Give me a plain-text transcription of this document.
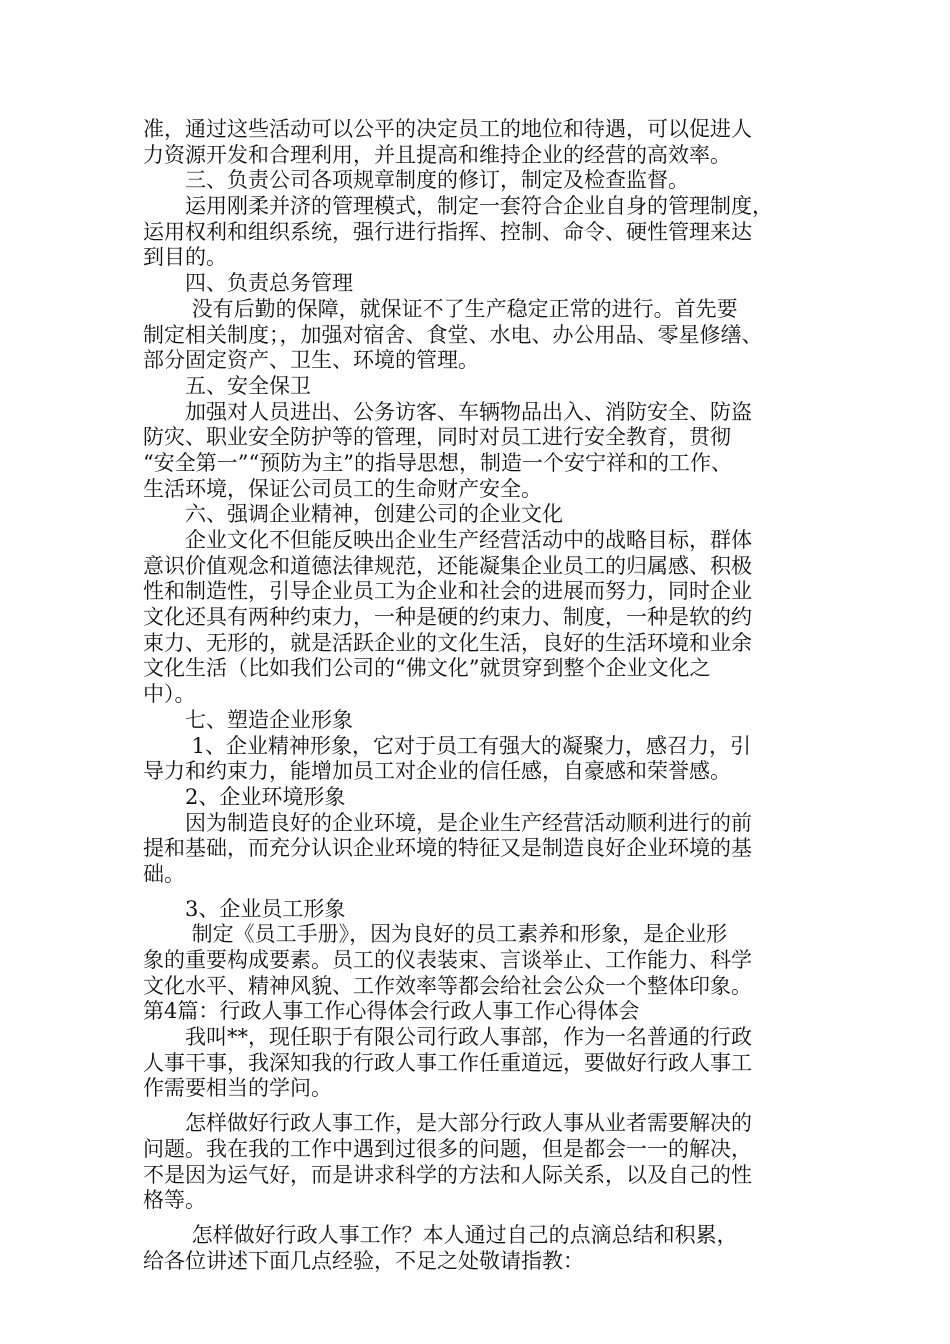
准，通过这些活动可以公平的决定员工的地位和待遇，可以促进人
力资源开发和合理利用，并且提高和维持企业的经营的高效率。
　　三、负责公司各项规章制度的修订，制定及检查监督。
　　运用刚柔并济的管理模式，制定一套符合企业自身的管理制度，
运用权利和组织系统，强行进行指挥、控制、命令、硬性管理来达
到目的。
　　四、负责总务管理
　　 没有后勤的保障，就保证不了生产稳定正常的进行。首先要
制定相关制度；，加强对宿舍、食堂、水电、办公用品、零星修缮、
部分固定资产、卫生、环境的管理。
　　五、安全保卫
　　加强对人员进出、公务访客、车辆物品出入、消防安全、防盗
防灾、职业安全防护等的管理，同时对员工进行安全教育，贯彻
“安全第一”“预防为主”的指导思想，制造一个安宁祥和的工作、
生活环境，保证公司员工的生命财产安全。
　　六、强调企业精神，创建公司的企业文化
　　企业文化不但能反映出企业生产经营活动中的战略目标，群体
意识价值观念和道德法律规范，还能凝集企业员工的归属感、积极
性和制造性，引导企业员工为企业和社会的进展而努力，同时企业
文化还具有两种约束力，一种是硬的约束力、制度，一种是软的约
束力、无形的，就是活跃企业的文化生活，良好的生活环境和业余
文化生活（比如我们公司的“佛文化”就贯穿到整个企业文化之
中）。
　　七、塑造企业形象
　　 1、企业精神形象，它对于员工有强大的凝聚力，感召力，引
导力和约束力，能增加员工对企业的信任感，自豪感和荣誉感。
　　2、企业环境形象
　　因为制造良好的企业环境，是企业生产经营活动顺利进行的前
提和基础，而充分认识企业环境的特征又是制造良好企业环境的基
础。
　　3、企业员工形象
　　 制定《员工手册》，因为良好的员工素养和形象，是企业形
象的重要构成要素。员工的仪表装束、言谈举止、工作能力、科学
文化水平、精神风貌、工作效率等都会给社会公众一个整体印象。
第4篇：行政人事工作心得体会行政人事工作心得体会
　　我叫**，现任职于有限公司行政人事部，作为一名普通的行政
人事干事，我深知我的行政人事工作任重道远，要做好行政人事工
作需要相当的学问。
　　怎样做好行政人事工作，是大部分行政人事从业者需要解决的
问题。我在我的工作中遇到过很多的问题，但是都会一一的解决，
不是因为运气好，而是讲求科学的方法和人际关系，以及自己的性
格等。
　　 怎样做好行政人事工作？本人通过自己的点滴总结和积累，
给各位讲述下面几点经验，不足之处敬请指教：
